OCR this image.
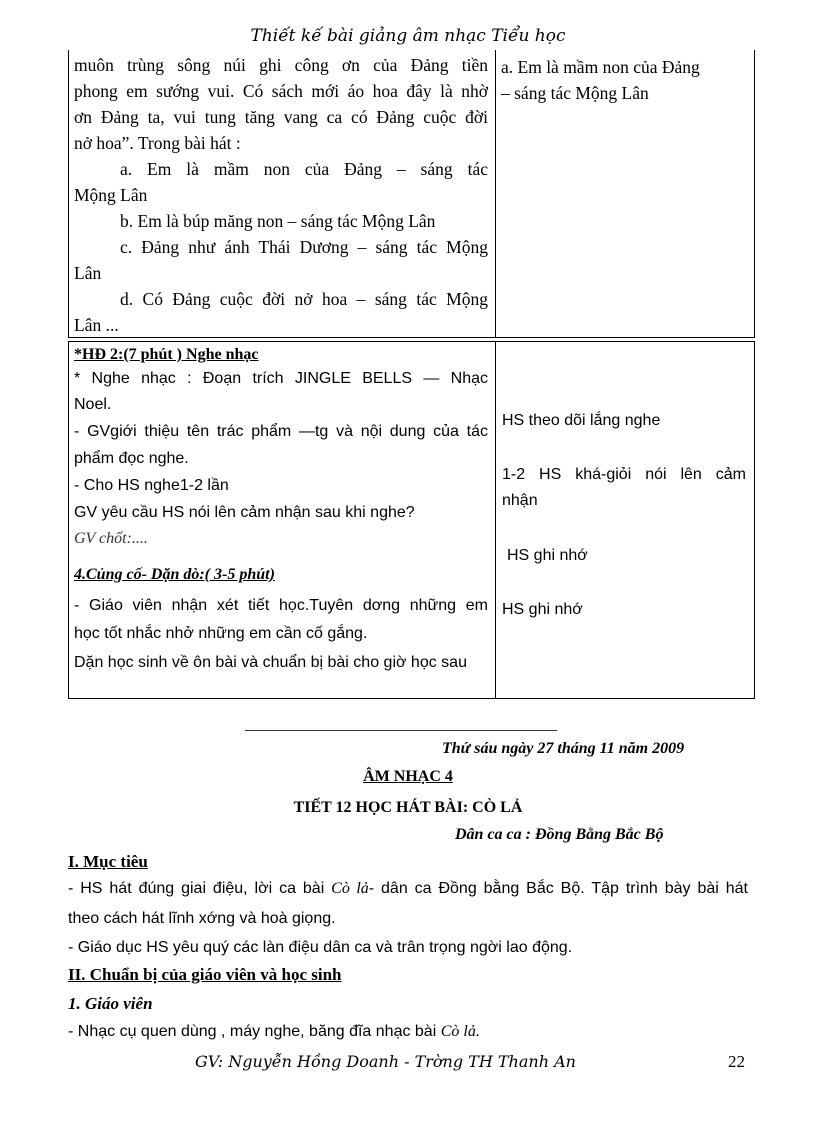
Thiết kế bài giảng âm nhạc Tiểu học
muôn trùng sông núi ghi công ơn của Đảng tiền
phong em sướng vui. Có sách mới áo hoa đây là nhờ
ơn Đảng ta, vui tung tăng vang ca có Đảng cuộc đời
nở hoa”. Trong bài hát :
a. Em là mầm non của Đảng – sáng tác
Mộng Lân
b. Em là búp măng non – sáng tác Mộng Lân
c. Đảng như ánh Thái Dương – sáng tác Mộng
Lân
d. Có Đảng cuộc đời nở hoa – sáng tác Mộng
Lân ...
a. Em là mầm non của Đảng
– sáng tác Mộng Lân
*HĐ 2:(7 phút ) Nghe nhạc
* Nghe nhạc : Đoạn trích JINGLE BELLS — Nhạc
Noel.
- GVgiới thiệu tên trác phẩm —tg và nội dung của tác
phẩm đọc nghe.
- Cho HS nghe1-2 lần
GV yêu cầu HS nói lên cảm nhận sau khi nghe?
GV chốt:....
4.Củng cố- Dặn dò:( 3-5 phút)
- Giáo viên nhận xét tiết học.Tuyên dơng những em
học tốt nhắc nhở những em cần cố gắng.
Dặn học sinh về ôn bài và chuẩn bị bài cho giờ học sau
HS theo dõi lắng nghe
1-2 HS khá-giỏi nói lên cảm
nhận
HS ghi nhớ
HS ghi nhớ
_______________________________________
Thứ sáu ngày 27 tháng 11 năm 2009
ÂM NHẠC 4
TIẾT 12 HỌC HÁT BÀI: CÒ LẢ
Dân ca ca : Đồng Bằng Bắc Bộ
I. Mục tiêu
- HS hát đúng giai điệu, lời ca bài Cò lả- dân ca Đồng bằng Bắc Bộ. Tập trình bày bài hát
theo cách hát lĩnh xớng và hoà giọng.
- Giáo dục HS yêu quý các làn điệu dân ca và trân trọng ngời lao động.
II. Chuẩn bị của giáo viên và học sinh
1. Giáo viên
- Nhạc cụ quen dùng , máy nghe, băng đĩa nhạc bài Cò lả.
GV: Nguyễn Hồng Doanh - Trờng TH Thanh An	22
